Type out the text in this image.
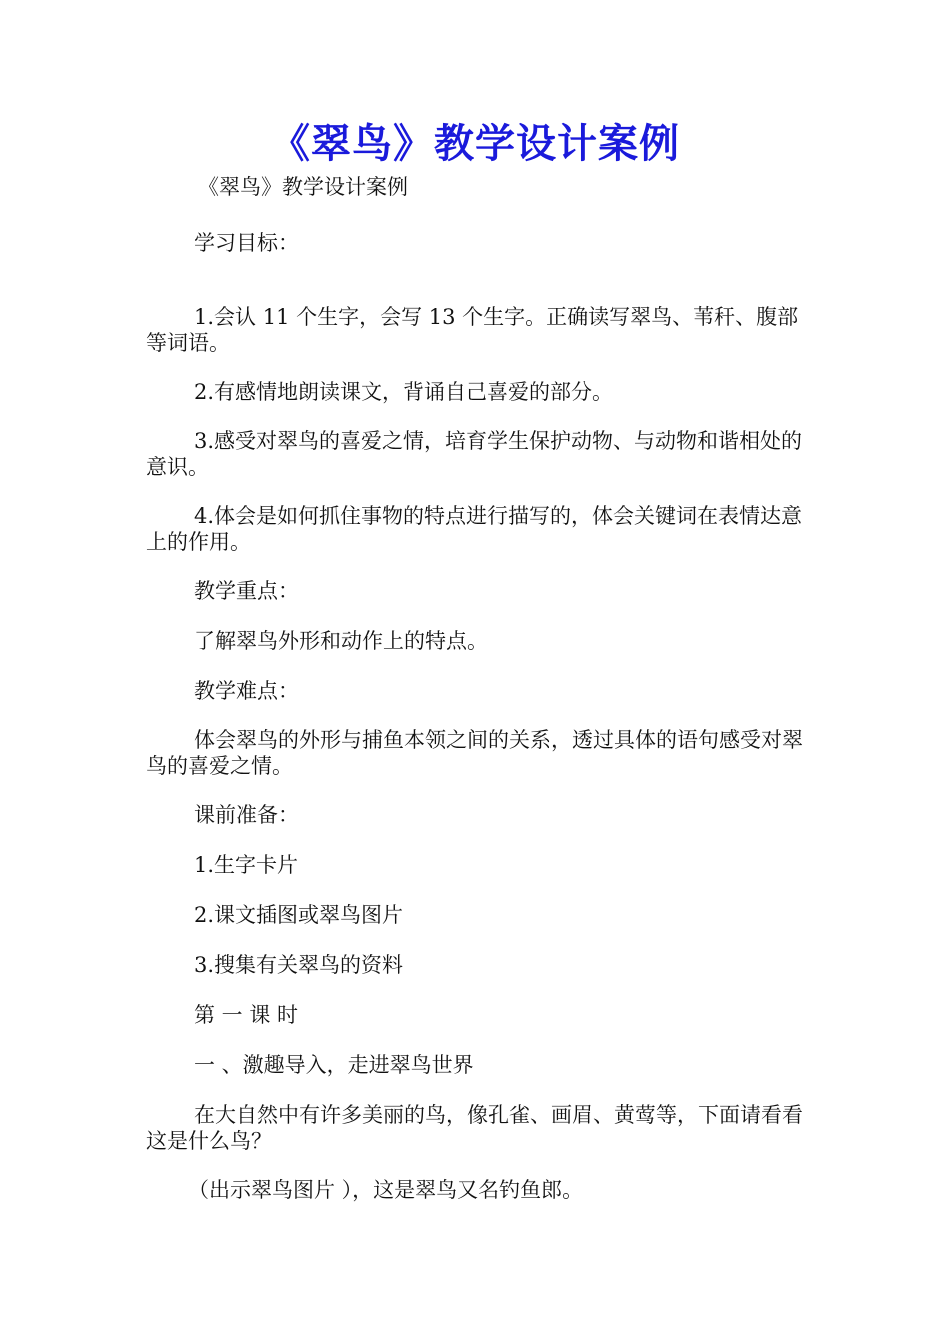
《翠鸟》教学设计案例

《翠鸟》教学设计案例

学习目标：

1.会认 11 个生字，会写 13 个生字。正确读写翠鸟、苇秆、腹部等词语。

2.有感情地朗读课文，背诵自己喜爱的部分。

3.感受对翠鸟的喜爱之情，培育学生保护动物、与动物和谐相处的意识。

4.体会是如何抓住事物的特点进行描写的，体会关键词在表情达意上的作用。

教学重点：

了解翠鸟外形和动作上的特点。

教学难点：

体会翠鸟的外形与捕鱼本领之间的关系，透过具体的语句感受对翠鸟的喜爱之情。

课前准备：

1.生字卡片

2.课文插图或翠鸟图片

3.搜集有关翠鸟的资料

第 一 课 时

一 、激趣导入，走进翠鸟世界

在大自然中有许多美丽的鸟，像孔雀、画眉、黄莺等，下面请看看这是什么鸟？

（出示翠鸟图片 ），这是翠鸟又名钓鱼郎。
